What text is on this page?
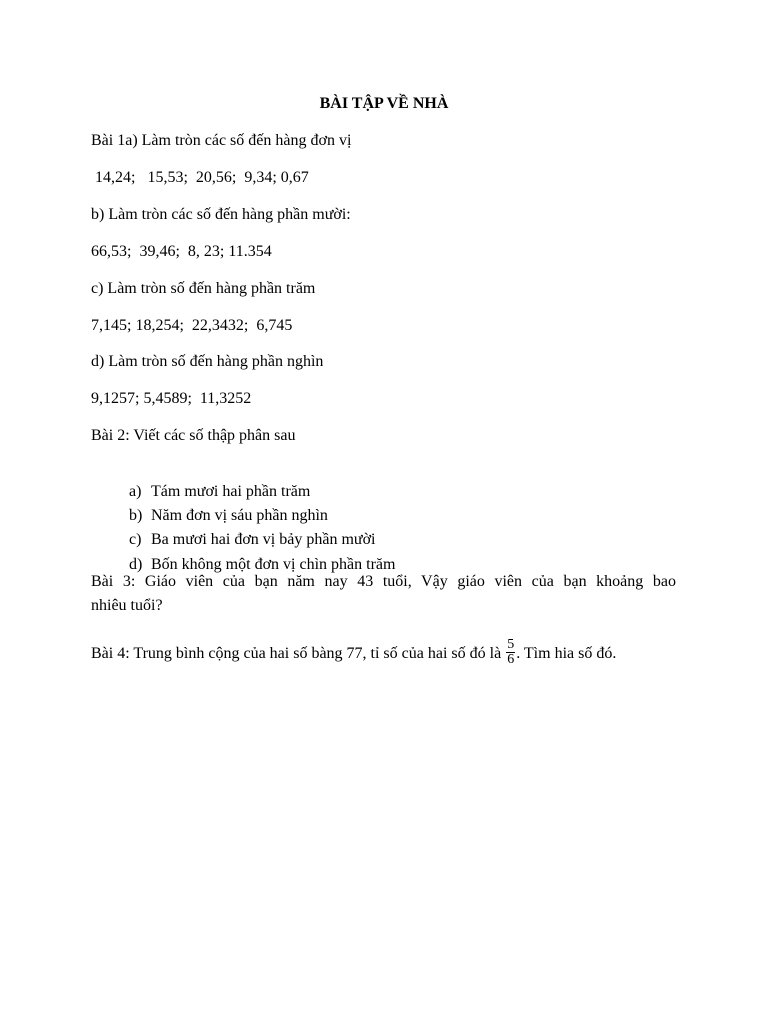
BÀI TẬP VỀ NHÀ
Bài 1a) Làm tròn các số đến hàng đơn vị
14,24;   15,53;  20,56;  9,34; 0,67
b) Làm tròn các số đến hàng phần mười:
66,53;  39,46;  8, 23; 11.354
c) Làm tròn số đến hàng phần trăm
7,145; 18,254;  22,3432;  6,745
d) Làm tròn số đến hàng phần nghìn
9,1257; 5,4589;  11,3252
Bài 2: Viết các số thập phân sau

a) Tám mươi hai phần trăm

b) Năm đơn vị sáu phần nghìn

c) Ba mươi hai đơn vị bảy phần mười

d) Bốn không một đơn vị chìn phần trăm

Bài 3: Giáo viên của bạn năm nay 43 tuổi, Vậy giáo viên của bạn khoảng bao
nhiêu tuổi?
Bài 4: Trung bình cộng của hai số bàng 77, tỉ số của hai số đó là $\frac{5}{6}$ . Tìm hia số đó.
